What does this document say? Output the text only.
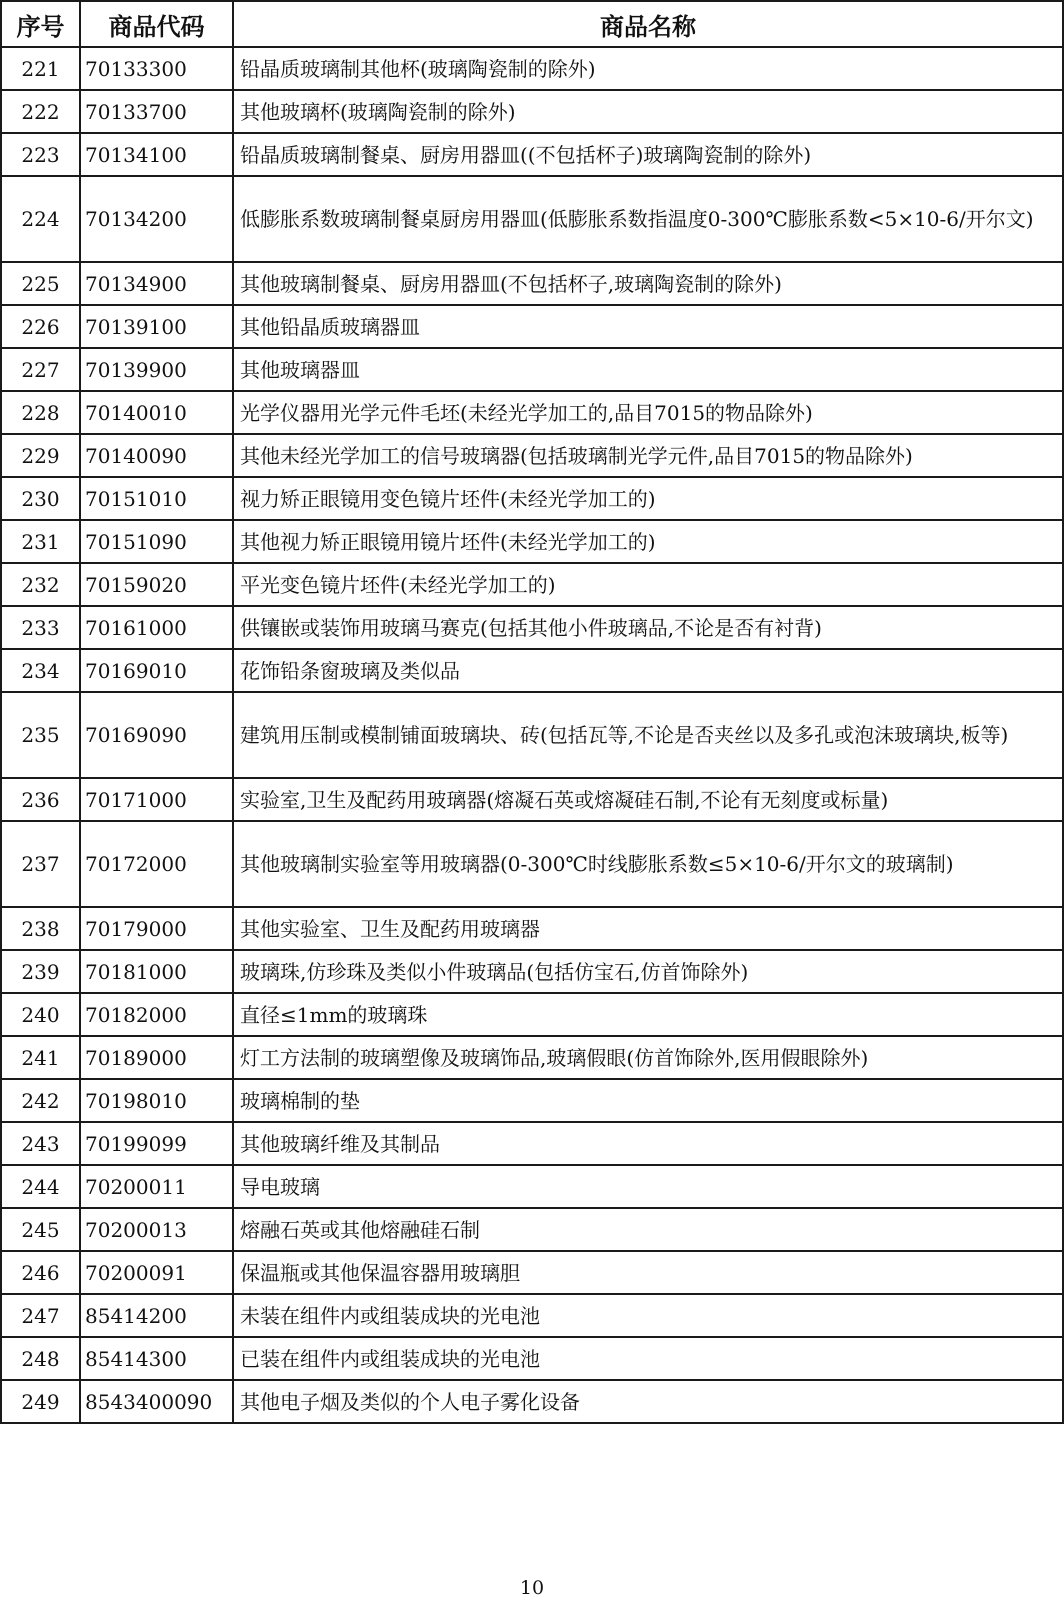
序号	商品代码	商品名称
221	70133300	铅晶质玻璃制其他杯(玻璃陶瓷制的除外)
222	70133700	其他玻璃杯(玻璃陶瓷制的除外)
223	70134100	铅晶质玻璃制餐桌、厨房用器皿((不包括杯子)玻璃陶瓷制的除外)
224	70134200	低膨胀系数玻璃制餐桌厨房用器皿(低膨胀系数指温度0-300℃膨胀系数<5×10-6/开尔文)
225	70134900	其他玻璃制餐桌、厨房用器皿(不包括杯子,玻璃陶瓷制的除外)
226	70139100	其他铅晶质玻璃器皿
227	70139900	其他玻璃器皿
228	70140010	光学仪器用光学元件毛坯(未经光学加工的,品目7015的物品除外)
229	70140090	其他未经光学加工的信号玻璃器(包括玻璃制光学元件,品目7015的物品除外)
230	70151010	视力矫正眼镜用变色镜片坯件(未经光学加工的)
231	70151090	其他视力矫正眼镜用镜片坯件(未经光学加工的)
232	70159020	平光变色镜片坯件(未经光学加工的)
233	70161000	供镶嵌或装饰用玻璃马赛克(包括其他小件玻璃品,不论是否有衬背)
234	70169010	花饰铅条窗玻璃及类似品
235	70169090	建筑用压制或模制铺面玻璃块、砖(包括瓦等,不论是否夹丝以及多孔或泡沫玻璃块,板等)
236	70171000	实验室,卫生及配药用玻璃器(熔凝石英或熔凝硅石制,不论有无刻度或标量)
237	70172000	其他玻璃制实验室等用玻璃器(0-300℃时线膨胀系数≤5×10-6/开尔文的玻璃制)
238	70179000	其他实验室、卫生及配药用玻璃器
239	70181000	玻璃珠,仿珍珠及类似小件玻璃品(包括仿宝石,仿首饰除外)
240	70182000	直径≤1mm的玻璃珠
241	70189000	灯工方法制的玻璃塑像及玻璃饰品,玻璃假眼(仿首饰除外,医用假眼除外)
242	70198010	玻璃棉制的垫
243	70199099	其他玻璃纤维及其制品
244	70200011	导电玻璃
245	70200013	熔融石英或其他熔融硅石制
246	70200091	保温瓶或其他保温容器用玻璃胆
247	85414200	未装在组件内或组装成块的光电池
248	85414300	已装在组件内或组装成块的光电池
249	8543400090	其他电子烟及类似的个人电子雾化设备
10
